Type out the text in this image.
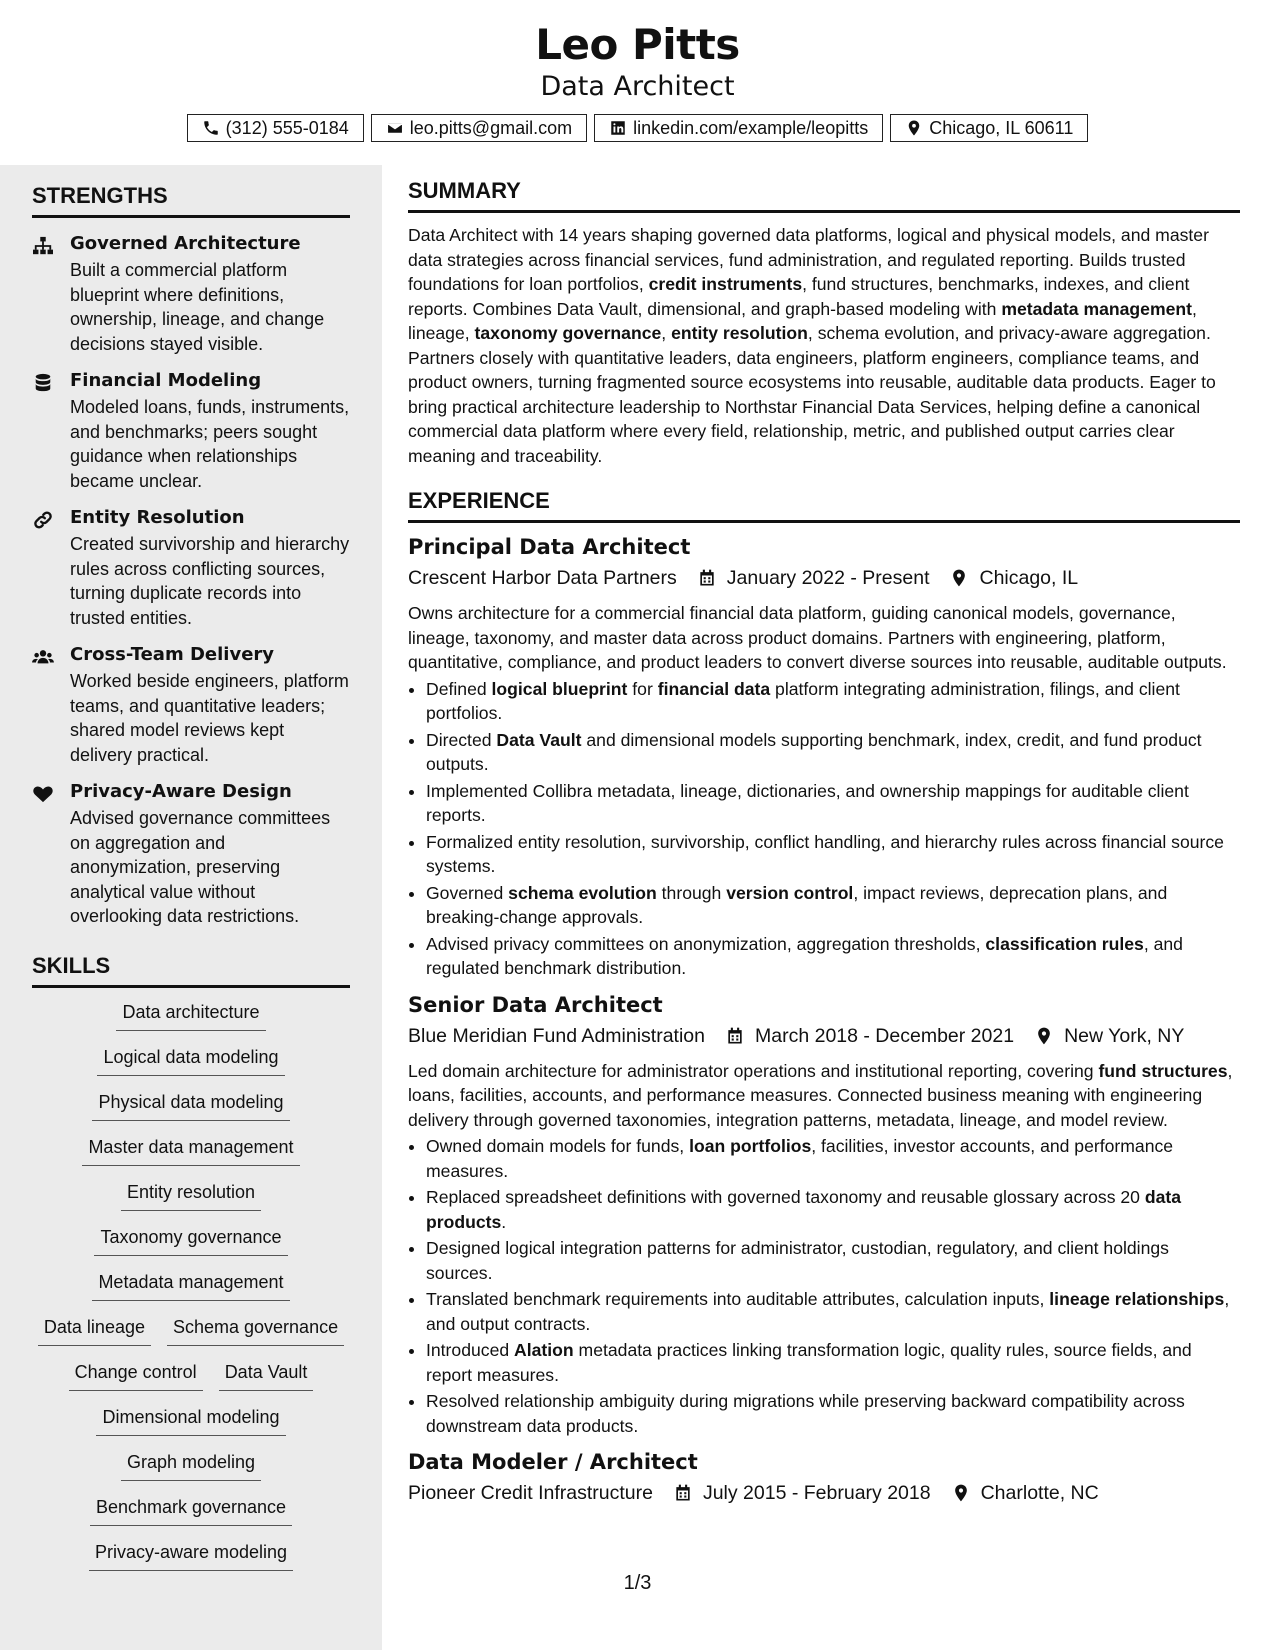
Leo Pitts
Data Architect
(312) 555-0184	leo.pitts@gmail.com	linkedin.com/example/leopitts	Chicago, IL 60611
STRENGTHS
Governed Architecture
Built a commercial platform blueprint where definitions, ownership, lineage, and change decisions stayed visible.
Financial Modeling
Modeled loans, funds, instruments, and benchmarks; peers sought guidance when relationships became unclear.
Entity Resolution
Created survivorship and hierarchy rules across conflicting sources, turning duplicate records into trusted entities.
Cross-Team Delivery
Worked beside engineers, platform teams, and quantitative leaders; shared model reviews kept delivery practical.
Privacy-Aware Design
Advised governance committees on aggregation and anonymization, preserving analytical value without overlooking data restrictions.
SKILLS
Data architecture
Logical data modeling
Physical data modeling
Master data management
Entity resolution
Taxonomy governance
Metadata management
Data lineage	Schema governance
Change control	Data Vault
Dimensional modeling
Graph modeling
Benchmark governance
Privacy-aware modeling
SUMMARY
Data Architect with 14 years shaping governed data platforms, logical and physical models, and master data strategies across financial services, fund administration, and regulated reporting. Builds trusted foundations for loan portfolios, credit instruments, fund structures, benchmarks, indexes, and client reports. Combines Data Vault, dimensional, and graph-based modeling with metadata management, lineage, taxonomy governance, entity resolution, schema evolution, and privacy-aware aggregation. Partners closely with quantitative leaders, data engineers, platform engineers, compliance teams, and product owners, turning fragmented source ecosystems into reusable, auditable data products. Eager to bring practical architecture leadership to Northstar Financial Data Services, helping define a canonical commercial data platform where every field, relationship, metric, and published output carries clear meaning and traceability.
EXPERIENCE
Principal Data Architect
Crescent Harbor Data Partners	January 2022 - Present	Chicago, IL
Owns architecture for a commercial financial data platform, guiding canonical models, governance, lineage, taxonomy, and master data across product domains. Partners with engineering, platform, quantitative, compliance, and product leaders to convert diverse sources into reusable, auditable outputs.
• Defined logical blueprint for financial data platform integrating administration, filings, and client portfolios.
• Directed Data Vault and dimensional models supporting benchmark, index, credit, and fund product outputs.
• Implemented Collibra metadata, lineage, dictionaries, and ownership mappings for auditable client reports.
• Formalized entity resolution, survivorship, conflict handling, and hierarchy rules across financial source systems.
• Governed schema evolution through version control, impact reviews, deprecation plans, and breaking-change approvals.
• Advised privacy committees on anonymization, aggregation thresholds, classification rules, and regulated benchmark distribution.
Senior Data Architect
Blue Meridian Fund Administration	March 2018 - December 2021	New York, NY
Led domain architecture for administrator operations and institutional reporting, covering fund structures, loans, facilities, accounts, and performance measures. Connected business meaning with engineering delivery through governed taxonomies, integration patterns, metadata, lineage, and model review.
• Owned domain models for funds, loan portfolios, facilities, investor accounts, and performance measures.
• Replaced spreadsheet definitions with governed taxonomy and reusable glossary across 20 data products.
• Designed logical integration patterns for administrator, custodian, regulatory, and client holdings sources.
• Translated benchmark requirements into auditable attributes, calculation inputs, lineage relationships, and output contracts.
• Introduced Alation metadata practices linking transformation logic, quality rules, source fields, and report measures.
• Resolved relationship ambiguity during migrations while preserving backward compatibility across downstream data products.
Data Modeler / Architect
Pioneer Credit Infrastructure	July 2015 - February 2018	Charlotte, NC
1/3
